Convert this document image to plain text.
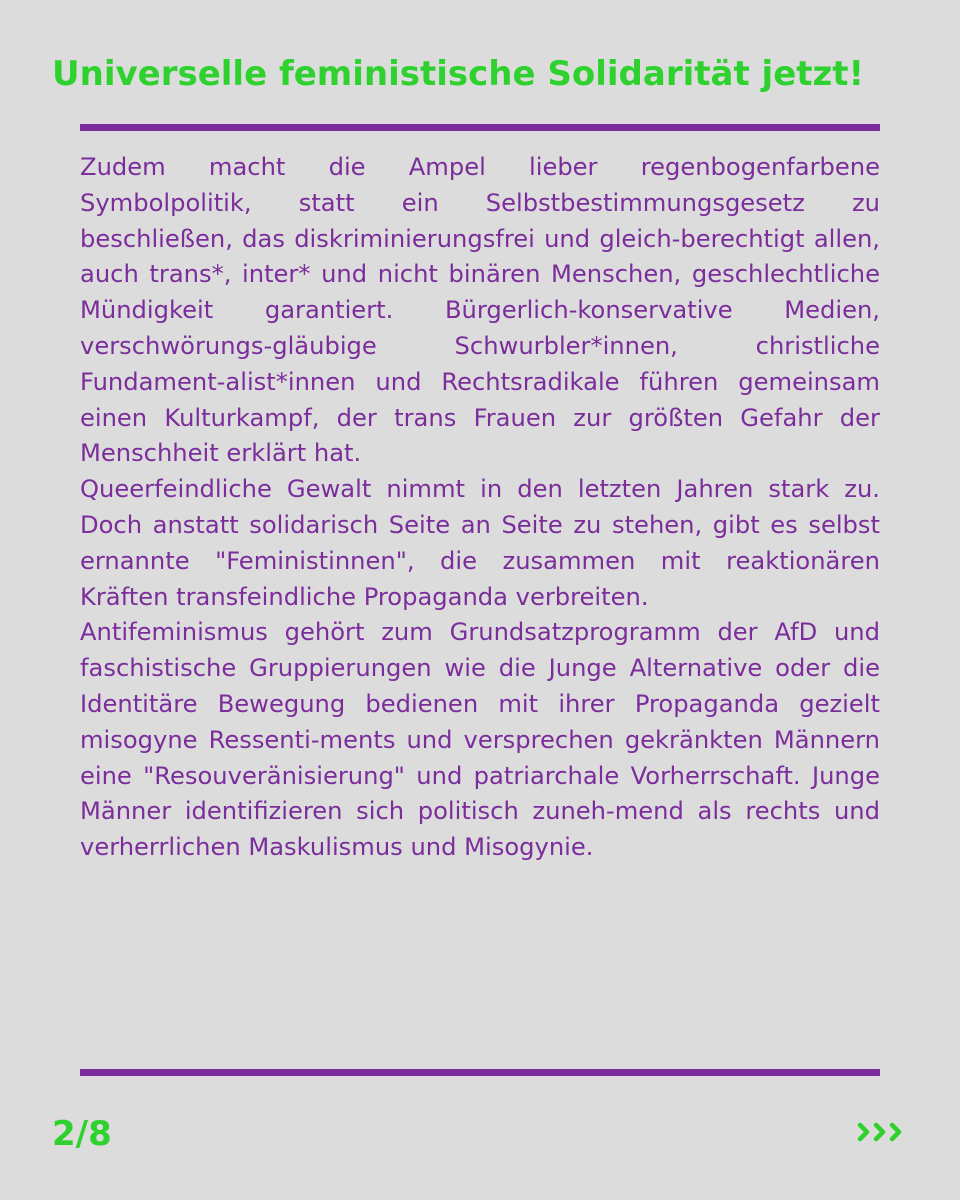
Universelle feministische Solidarität jetzt!

Zudem macht die Ampel lieber regenbogenfarbene Symbolpolitik, statt ein Selbstbestimmungsgesetz zu beschließen, das diskriminierungsfrei und gleich-berechtigt allen, auch trans*, inter* und nicht binären Menschen, geschlechtliche Mündigkeit garantiert. Bürgerlich-konservative Medien, verschwörungs-gläubige Schwurbler*innen, christliche Fundament-alist*innen und Rechtsradikale führen gemeinsam einen Kulturkampf, der trans Frauen zur größten Gefahr der Menschheit erklärt hat.

Queerfeindliche Gewalt nimmt in den letzten Jahren stark zu. Doch anstatt solidarisch Seite an Seite zu stehen, gibt es selbst ernannte "Feministinnen", die zusammen mit reaktionären Kräften transfeindliche Propaganda verbreiten.

Antifeminismus gehört zum Grundsatzprogramm der AfD und faschistische Gruppierungen wie die Junge Alternative oder die Identitäre Bewegung bedienen mit ihrer Propaganda gezielt misogyne Ressenti-ments und versprechen gekränkten Männern eine "Resouveränisierung" und patriarchale Vorherrschaft. Junge Männer identifizieren sich politisch zuneh-mend als rechts und verherrlichen Maskulismus und Misogynie.

2/8
